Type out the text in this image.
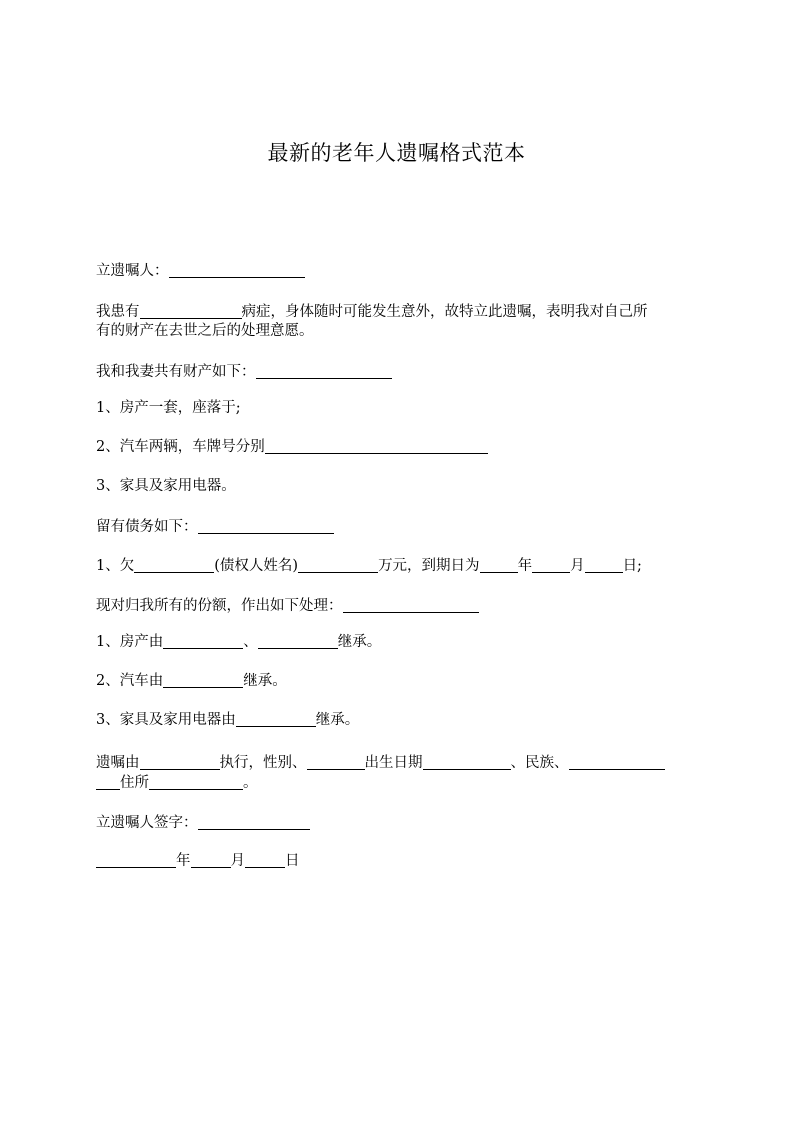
最新的老年人遗嘱格式范本
立遗嘱人：
我患有	病症，身体随时可能发生意外，故特立此遗嘱，表明我对自己所
有的财产在去世之后的处理意愿。
我和我妻共有财产如下：
1、房产一套，座落于;
2、汽车两辆，车牌号分别
3、家具及家用电器。
留有债务如下：
1、欠	(债权人姓名)	万元，到期日为	年	月	日;
现对归我所有的份额，作出如下处理：
1、房产由	、	继承。
2、汽车由	继承。
3、家具及家用电器由	继承。
遗嘱由	执行，性别、	出生日期	、民族、
住所	。
立遗嘱人签字：
年	月	日
